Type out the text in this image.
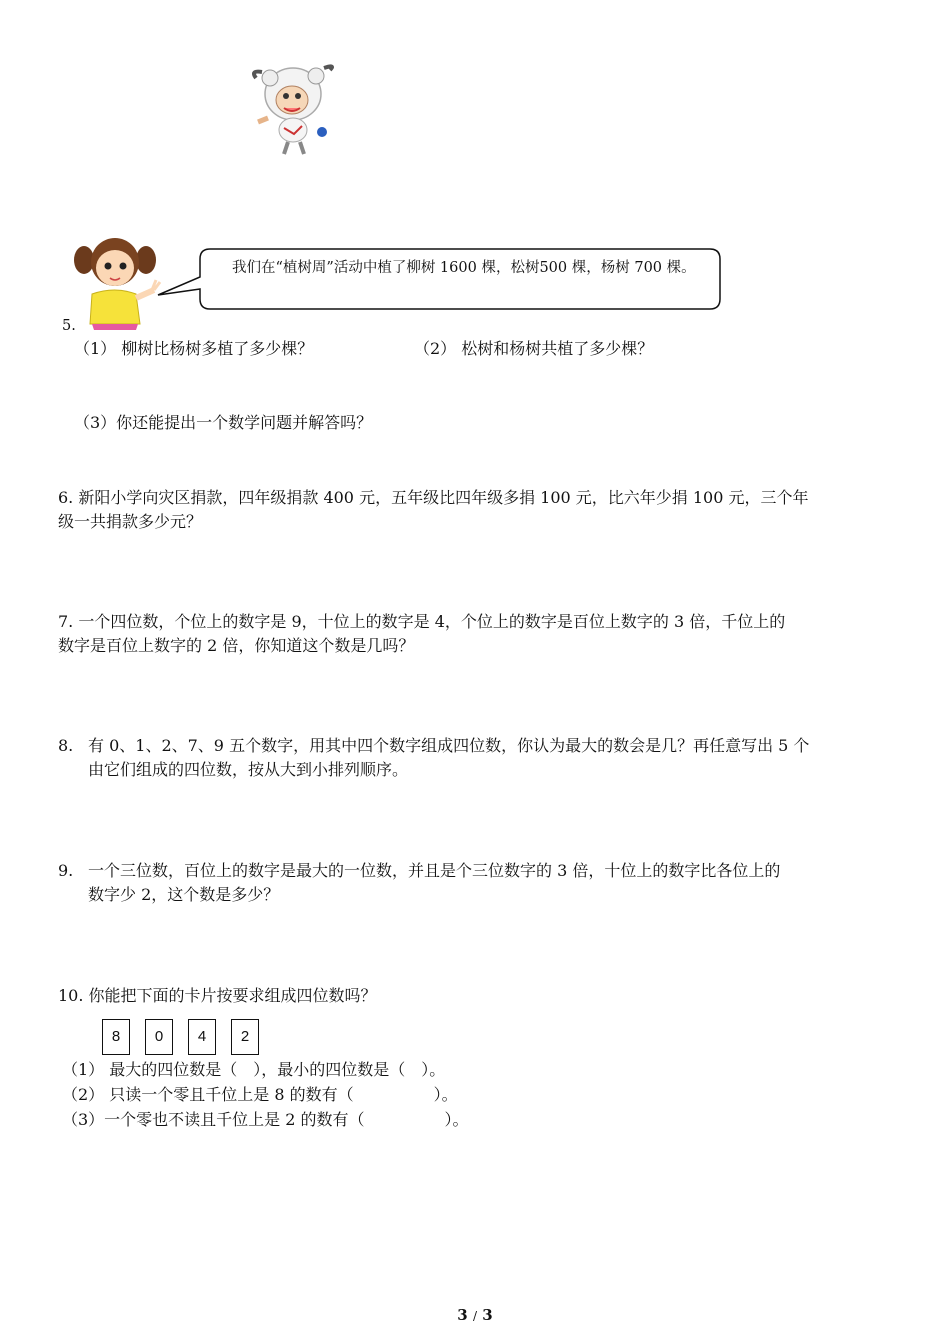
我们在“植树周”活动中植了柳树 1600 棵，松树500 棵，杨树 700 棵。
5.
（1） 柳树比杨树多植了多少棵？	（2） 松树和杨树共植了多少棵？
（3）你还能提出一个数学问题并解答吗？
6. 新阳小学向灾区捐款，四年级捐款 400 元，五年级比四年级多捐 100 元，比六年少捐 100 元，三个年
级一共捐款多少元？
7. 一个四位数，个位上的数字是 9，十位上的数字是 4，个位上的数字是百位上数字的 3 倍，千位上的
数字是百位上数字的 2 倍，你知道这个数是几吗？
8. 有 0、1、2、7、9 五个数字，用其中四个数字组成四位数，你认为最大的数会是几？再任意写出 5 个
由它们组成的四位数，按从大到小排列顺序。
9. 一个三位数，百位上的数字是最大的一位数，并且是个三位数字的 3 倍，十位上的数字比各位上的
数字少 2，这个数是多少？
10. 你能把下面的卡片按要求组成四位数吗？
8	0	4	2
（1） 最大的四位数是（　），最小的四位数是（　）。
（2） 只读一个零且千位上是 8 的数有（　　　　　）。
（3）一个零也不读且千位上是 2 的数有（　　　　　）。
3 / 3
